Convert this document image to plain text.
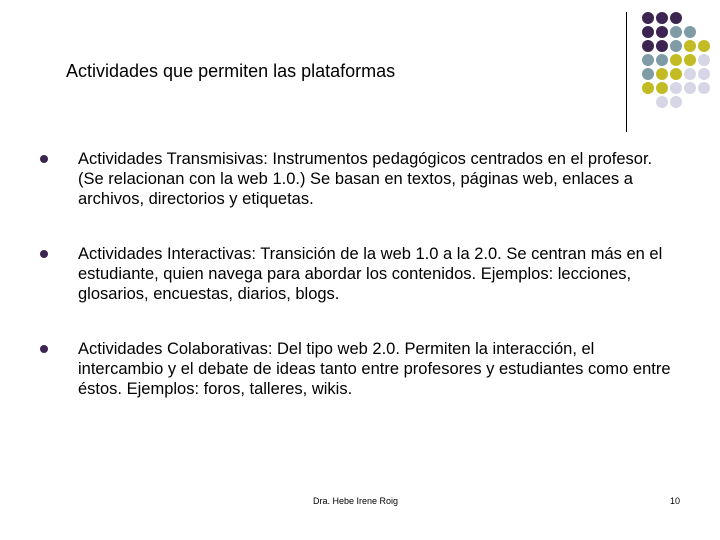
Actividades que permiten las plataformas
Actividades Transmisivas: Instrumentos pedagógicos centrados en el profesor. (Se relacionan con la web 1.0.) Se basan en textos, páginas web, enlaces a archivos, directorios y etiquetas.
Actividades Interactivas: Transición de la web 1.0 a la 2.0. Se centran más en el estudiante, quien navega para abordar los contenidos. Ejemplos: lecciones, glosarios, encuestas, diarios, blogs.
Actividades Colaborativas: Del tipo web 2.0. Permiten la interacción, el intercambio y el debate de ideas tanto entre profesores y estudiantes como entre éstos. Ejemplos: foros, talleres, wikis.
Dra. Hebe Irene Roig	10
